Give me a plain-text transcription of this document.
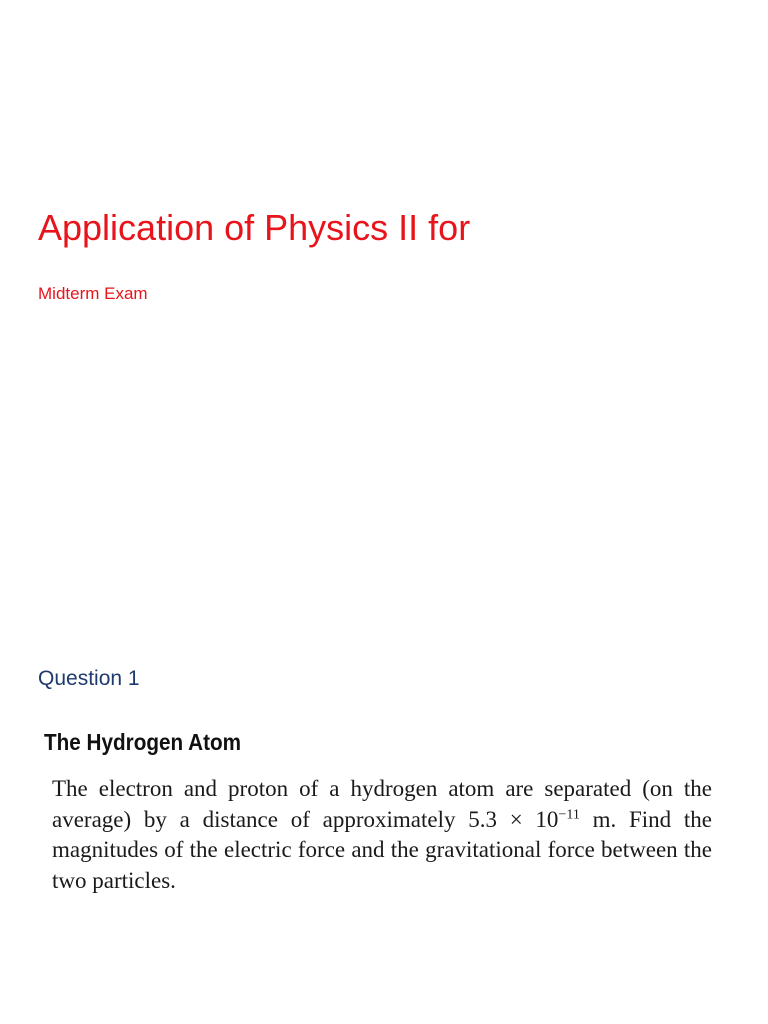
Application of Physics II for

Midterm Exam

Question 1

The Hydrogen Atom

The electron and proton of a hydrogen atom are separated (on the average) by a distance of approximately $5.3 \times 10^{-11}$ m. Find the magnitudes of the electric force and the gravitational force between the two particles.
